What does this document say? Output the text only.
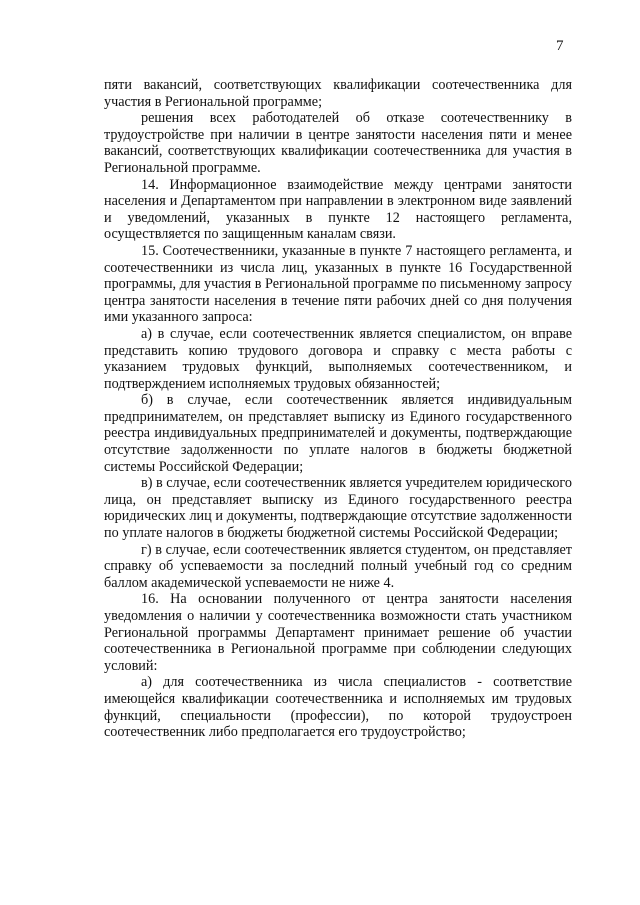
7

пяти вакансий, соответствующих квалификации соотечественника для участия в Региональной программе;

решения всех работодателей об отказе соотечественнику в трудоустройстве при наличии в центре занятости населения пяти и менее вакансий, соответствующих квалификации соотечественника для участия в Региональной программе.

14. Информационное взаимодействие между центрами занятости населения и Департаментом при направлении в электронном виде заявлений и уведомлений, указанных в пункте 12 настоящего регламента, осуществляется по защищенным каналам связи.

15. Соотечественники, указанные в пункте 7 настоящего регламента, и соотечественники из числа лиц, указанных в пункте 16 Государственной программы, для участия в Региональной программе по письменному запросу центра занятости населения в течение пяти рабочих дней со дня получения ими указанного запроса:

а) в случае, если соотечественник является специалистом, он вправе представить копию трудового договора и справку с места работы с указанием трудовых функций, выполняемых соотечественником, и подтверждением исполняемых трудовых обязанностей;

б) в случае, если соотечественник является индивидуальным предпринимателем, он представляет выписку из Единого государственного реестра индивидуальных предпринимателей и документы, подтверждающие отсутствие задолженности по уплате налогов в бюджеты бюджетной системы Российской Федерации;

в) в случае, если соотечественник является учредителем юридического лица, он представляет выписку из Единого государственного реестра юридических лиц и документы, подтверждающие отсутствие задолженности по уплате налогов в бюджеты бюджетной системы Российской Федерации;

г) в случае, если соотечественник является студентом, он представляет справку об успеваемости за последний полный учебный год со средним баллом академической успеваемости не ниже 4.

16. На основании полученного от центра занятости населения уведомления о наличии у соотечественника возможности стать участником Региональной программы Департамент принимает решение об участии соотечественника в Региональной программе при соблюдении следующих условий:

а) для соотечественника из числа специалистов - соответствие имеющейся квалификации соотечественника и исполняемых им трудовых функций, специальности (профессии), по которой трудоустроен соотечественник либо предполагается его трудоустройство;
